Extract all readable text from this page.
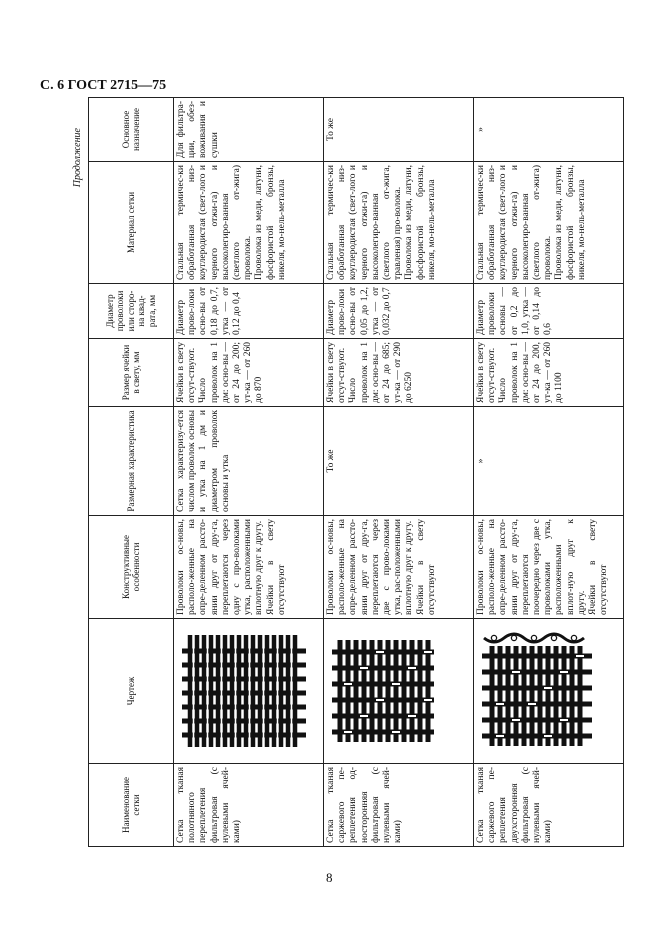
С. 6 ГОСТ 2715—75
Продолжение
Наименование сетки	Чертеж	Конструктивные особенности	Размерная характеристика	Размер ячейки в свету, мм	Диаметр проволоки или сторо-на квад-рата, мм	Материал сетки	Основное назначение
Сетка тканая полотняного переплетения фильтровая (с нулевыми ячей-ками)		Проволоки ос-новы, располо-женные на опре-деленном рассто-янии друг от дру-га, переплетаются через одну с про-волоками утка, расположенными вплотную друг к другу. Ячейки в свету отсутствуют	Сетка характеризу-ется числом проволок основы и утка на 1 дм и диаметром проволок основы и утка	Ячейки в свету отсут-ствуют. Число проволок на 1 дм: осно-вы — от 24 до 200; ут-ка — от 260 до 870	Диаметр прово-локи осно-вы от 0,18 до 0,7, утка — от 0,12 до 0,4	Стальная термичес-ки обработанная низ-коуглеродистая (свет-лого и черного отжи-га) и высоколегиро-ванная (светлого от-жига) проволока. Проволока из меди, латуни, фосфористой бронзы, никеля, мо-нель-металла	Для фильтра-ции, обез-воживания и сушки
Сетка тканая саржевого пе-реплетения од-носторонняя фильтровая (с нулевыми ячей-ками)		Проволоки ос-новы, располо-женные на опре-деленном рассто-янии друг от дру-га, переплетаются через две с прово-локами утка, рас-положенными вплотную друг к другу. Ячейки в свету отсутствуют	То же	Ячейки в свету отсут-ствуют. Число проволок на 1 дм: осно-вы — от 24 до 685; ут-ка — от 290 до 6250	Диаметр прово-локи осно-вы от 0,05 до 1,2, утка — от 0,032 до 0,7	Стальная термичес-ки обработанная низ-коуглеродистая (свет-лого и черного отжи-га) и высоколегиро-ванная (светлого от-жига, травленая) про-волока. Проволока из меди, латуни, фосфористой бронзы, никеля, мо-нель-металла	То же
Сетка тканая саржевого пе-реплетения двухсторонняя фильтровая (с нулевыми ячей-ками)		Проволоки ос-новы, располо-женные на опре-деленном рассто-янии друг от дру-га, переплетаются поочередно через две с проволоками утка, расположенными вплот-ную друг к другу. Ячейки в свету отсутствуют	»	Ячейки в свету отсут-ствуют. Число проволок на 1 дм: осно-вы — от 24 до 200, ут-ка — от 260 до 1100	Диаметр проволоки основы — от 0,2 до 1,0, утка — от 0,14 до 0,6	Стальная термичес-ки обработанная низ-коуглеродистая (свет-лого и черного отжи-га) и высоколегиро-ванная (светлого от-жига) проволока. Проволока из меди, латуни, фосфористой бронзы, никеля, мо-нель-металла	»
8
